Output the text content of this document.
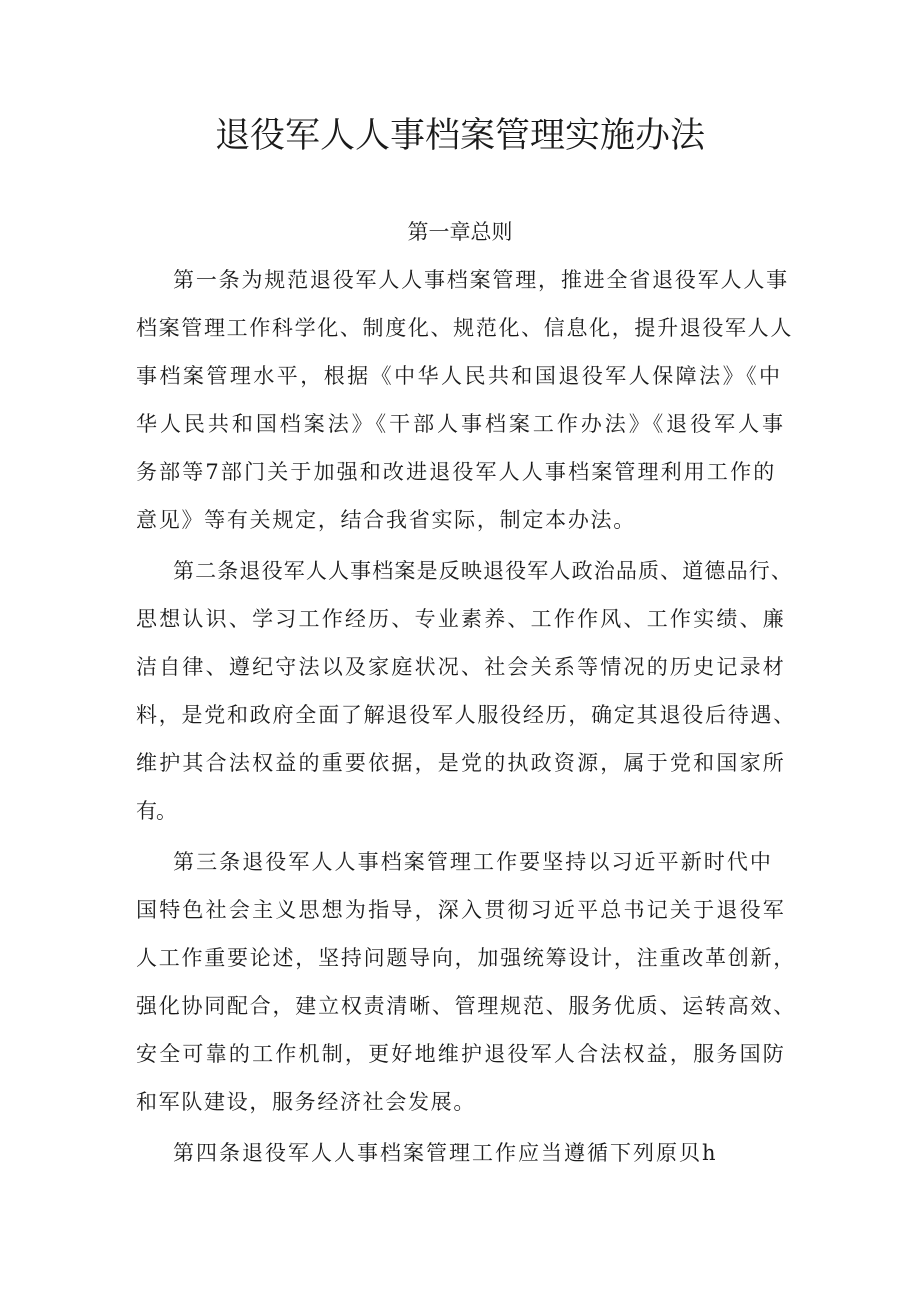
退役军人人事档案管理实施办法
第一章总则
第一条为规范退役军人人事档案管理，推进全省退役军人人事
档案管理工作科学化、制度化、规范化、信息化，提升退役军人人
事档案管理水平，根据《中华人民共和国退役军人保障法》《中
华人民共和国档案法》《干部人事档案工作办法》《退役军人事
务部等7部门关于加强和改进退役军人人事档案管理利用工作的
意见》等有关规定，结合我省实际，制定本办法。
第二条退役军人人事档案是反映退役军人政治品质、道德品行、
思想认识、学习工作经历、专业素养、工作作风、工作实绩、廉
洁自律、遵纪守法以及家庭状况、社会关系等情况的历史记录材
料，是党和政府全面了解退役军人服役经历，确定其退役后待遇、
维护其合法权益的重要依据，是党的执政资源，属于党和国家所
有。
第三条退役军人人事档案管理工作要坚持以习近平新时代中
国特色社会主义思想为指导，深入贯彻习近平总书记关于退役军
人工作重要论述，坚持问题导向，加强统筹设计，注重改革创新，
强化协同配合，建立权责清晰、管理规范、服务优质、运转高效、
安全可靠的工作机制，更好地维护退役军人合法权益，服务国防
和军队建设，服务经济社会发展。
第四条退役军人人事档案管理工作应当遵循下列原贝h
